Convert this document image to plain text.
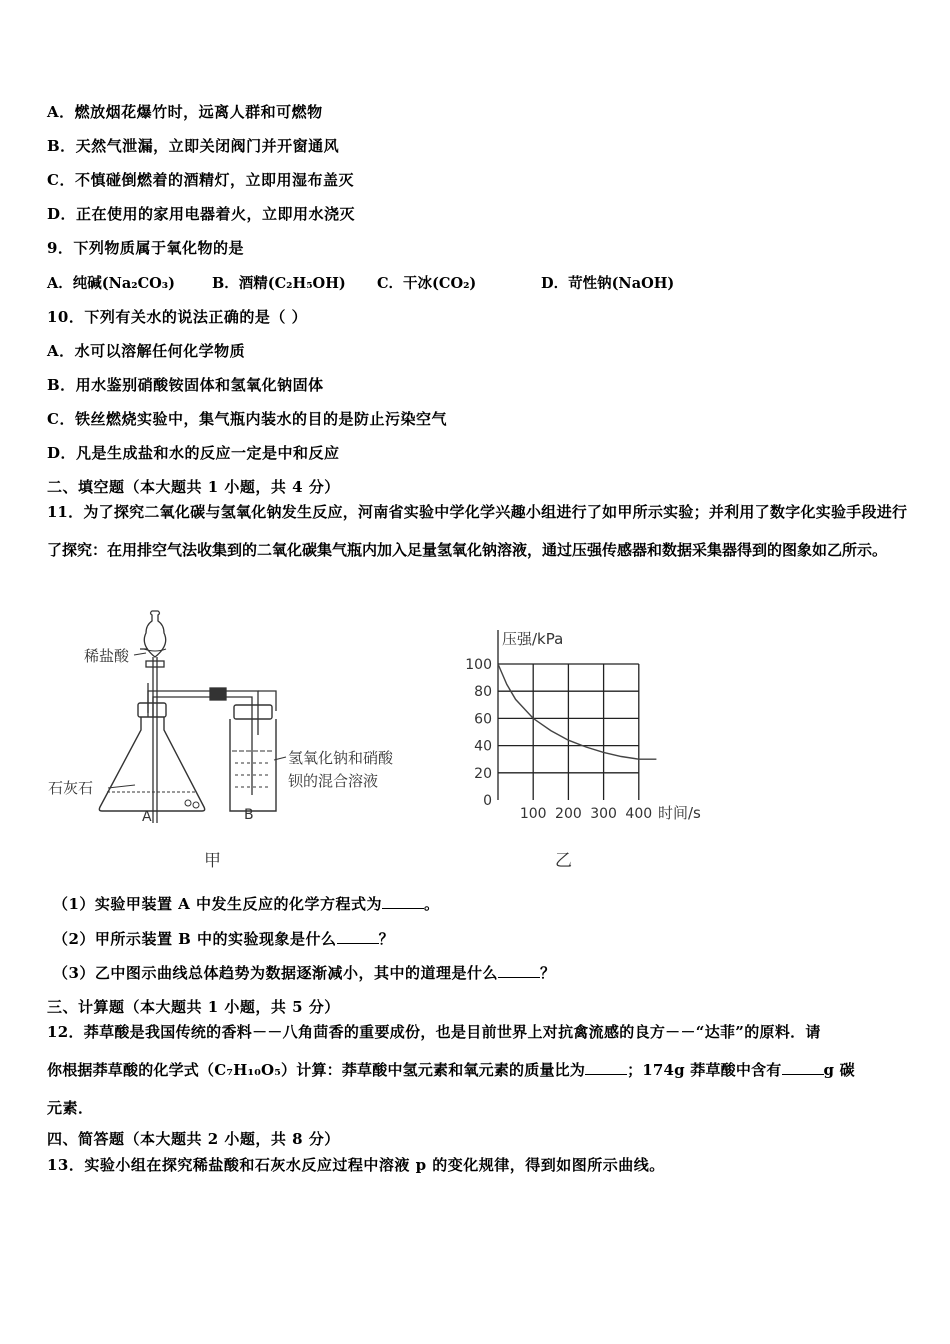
A．燃放烟花爆竹时，远离人群和可燃物
B．天然气泄漏，立即关闭阀门并开窗通风
C．不慎碰倒燃着的酒精灯，立即用湿布盖灭
D．正在使用的家用电器着火，立即用水浇灭
9．下列物质属于氧化物的是
A．纯碱(Na₂CO₃)	B．酒精(C₂H₅OH) C．干冰(CO₂)	D．苛性钠(NaOH)
10．下列有关水的说法正确的是（ ）
A．水可以溶解任何化学物质
B．用水鉴别硝酸铵固体和氢氧化钠固体
C．铁丝燃烧实验中，集气瓶内装水的目的是防止污染空气
D．凡是生成盐和水的反应一定是中和反应
二、填空题（本大题共 1 小题，共 4 分）
11．为了探究二氧化碳与氢氧化钠发生反应，河南省实验中学化学兴趣小组进行了如甲所示实验；并利用了数字化实验手段进行了探究：在用排空气法收集到的二氧化碳集气瓶内加入足量氢氧化钠溶液，通过压强传感器和数据采集器得到的图象如乙所示。
稀盐酸
石灰石
A	B
氢氧化钠和硝酸
钡的混合溶液
甲
100
80
60
40
20
0
100 200 300 400
压强/kPa
时间/s
乙
（1）实验甲装置 A 中发生反应的化学方程式为	。
（2）甲所示装置 B 中的实验现象是什么	？
（3）乙中图示曲线总体趋势为数据逐渐减小，其中的道理是什么	？
三、计算题（本大题共 1 小题，共 5 分）
12．莽草酸是我国传统的香料－－八角茴香的重要成份，也是目前世界上对抗禽流感的良方－－“达菲”的原料．请
你根据莽草酸的化学式（C₇H₁₀O₅）计算：莽草酸中氢元素和氧元素的质量比为	；174g 莽草酸中含有	g 碳
元素．
四、简答题（本大题共 2 小题，共 8 分）
13．实验小组在探究稀盐酸和石灰水反应过程中溶液 p 的变化规律，得到如图所示曲线。
